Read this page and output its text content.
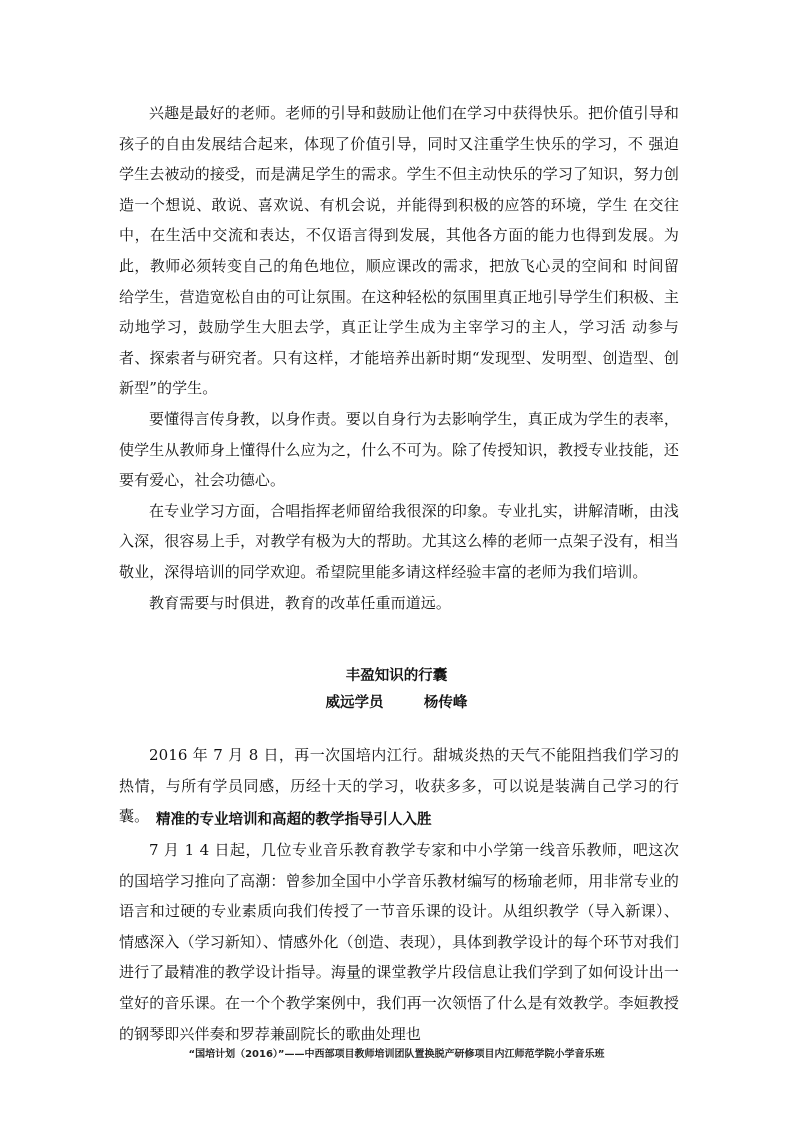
兴趣是最好的老师。老师的引导和鼓励让他们在学习中获得快乐。把价值引导和孩子的自由发展结合起来，体现了价值引导，同时又注重学生快乐的学习，不 强迫学生去被动的接受，而是满足学生的需求。学生不但主动快乐的学习了知识，努力创造一个想说、敢说、喜欢说、有机会说，并能得到积极的应答的环境，学生 在交往中，在生活中交流和表达，不仅语言得到发展，其他各方面的能力也得到发展。为此，教师必须转变自己的角色地位，顺应课改的需求，把放飞心灵的空间和 时间留给学生，营造宽松自由的可让氛围。在这种轻松的氛围里真正地引导学生们积极、主动地学习，鼓励学生大胆去学，真正让学生成为主宰学习的主人，学习活 动参与者、探索者与研究者。只有这样，才能培养出新时期“发现型、发明型、创造型、创新型”的学生。

要懂得言传身教，以身作责。要以自身行为去影响学生，真正成为学生的表率，使学生从教师身上懂得什么应为之，什么不可为。除了传授知识，教授专业技能，还要有爱心，社会功德心。

在专业学习方面，合唱指挥老师留给我很深的印象。专业扎实，讲解清晰，由浅入深，很容易上手，对教学有极为大的帮助。尤其这么棒的老师一点架子没有，相当敬业，深得培训的同学欢迎。希望院里能多请这样经验丰富的老师为我们培训。

教育需要与时俱进，教育的改革任重而道远。

丰盈知识的行囊
威远学员        杨传峰

2016 年 7 月 8 日，再一次国培内江行。甜城炎热的天气不能阻挡我们学习的热情，与所有学员同感，历经十天的学习，收获多多，可以说是装满自己学习的行囊。 精准的专业培训和高超的教学指导引人入胜

7 月 1 4 日起，几位专业音乐教育教学专家和中小学第一线音乐教师，吧这次的国培学习推向了高潮：曾参加全国中小学音乐教材编写的杨瑜老师，用非常专业的语言和过硬的专业素质向我们传授了一节音乐课的设计。从组织教学（导入新课）、情感深入（学习新知）、情感外化（创造、表现），具体到教学设计的每个环节对我们进行了最精准的教学设计指导。海量的课堂教学片段信息让我们学到了如何设计出一堂好的音乐课。在一个个教学案例中，我们再一次领悟了什么是有效教学。李姮教授的钢琴即兴伴奏和罗荐兼副院长的歌曲处理也

“国培计划（2016）”——中西部项目教师培训团队置换脱产研修项目内江师范学院小学音乐班
